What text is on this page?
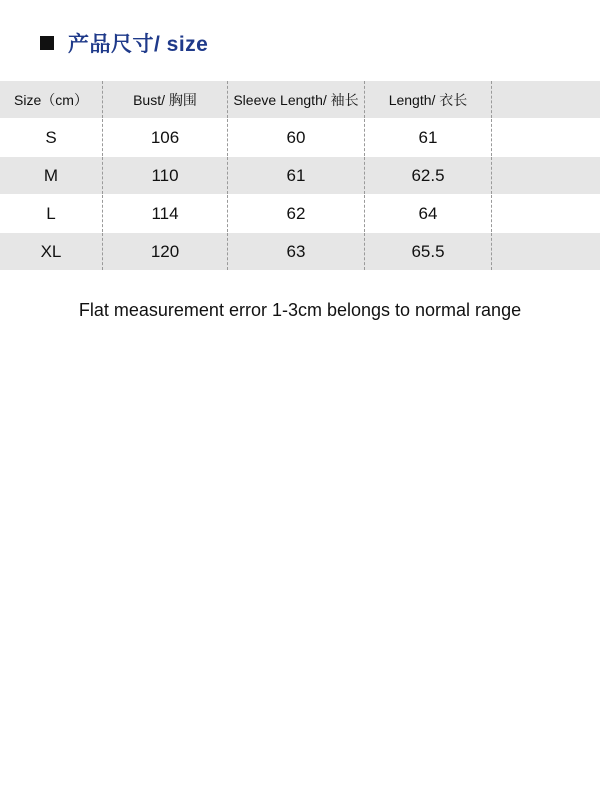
产品尺寸/ size
Size（cm）	Bust/ 胸围	Sleeve Length/ 袖长	Length/ 衣长
S	106	60	61
M	110	61	62.5
L	114	62	64
XL	120	63	65.5
Flat measurement error 1-3cm belongs to normal range
